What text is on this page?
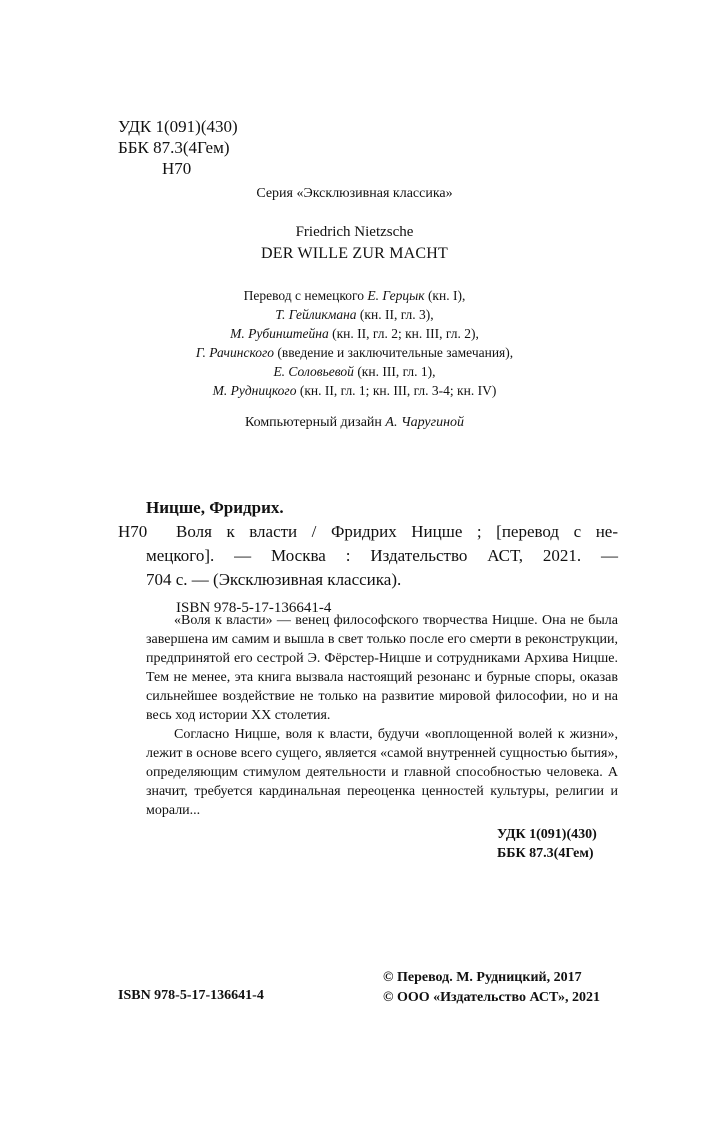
УДК 1(091)(430)
ББК 87.3(4Гем)
Н70
Серия «Эксклюзивная классика»
Friedrich Nietzsche
DER WILLE ZUR MACHT
Перевод с немецкого Е. Герцык (кн. I),
Т. Гейликмана (кн. II, гл. 3),
М. Рубинштейна (кн. II, гл. 2; кн. III, гл. 2),
Г. Рачинского (введение и заключительные замечания),
Е. Соловьевой (кн. III, гл. 1),
М. Рудницкого (кн. II, гл. 1; кн. III, гл. 3-4; кн. IV)
Компьютерный дизайн А. Чаругиной
Ницше, Фридрих.
Н70 Воля к власти / Фридрих Ницше ; [перевод с не-
мецкого]. — Москва : Издательство АСТ, 2021. —
704 с. — (Эксклюзивная классика).
ISBN 978-5-17-136641-4
«Воля к власти» — венец философского творчества Ницше. Она не была завершена им самим и вышла в свет только после его смерти в реконструкции, предпринятой его сестрой Э. Фёрстер-Ницше и сотрудниками Архива Ницше. Тем не менее, эта книга вызвала настоящий резонанс и бурные споры, оказав сильнейшее воздействие не только на развитие мировой философии, но и на весь ход истории XX столетия.
Согласно Ницше, воля к власти, будучи «воплощенной волей к жизни», лежит в основе всего сущего, является «самой внутренней сущностью бытия», определяющим стимулом деятельности и главной способностью человека. А значит, требуется кардинальная переоценка ценностей культуры, религии и морали...
УДК 1(091)(430)
ББК 87.3(4Гем)
ISBN 978-5-17-136641-4
© Перевод. М. Рудницкий, 2017
© ООО «Издательство АСТ», 2021
